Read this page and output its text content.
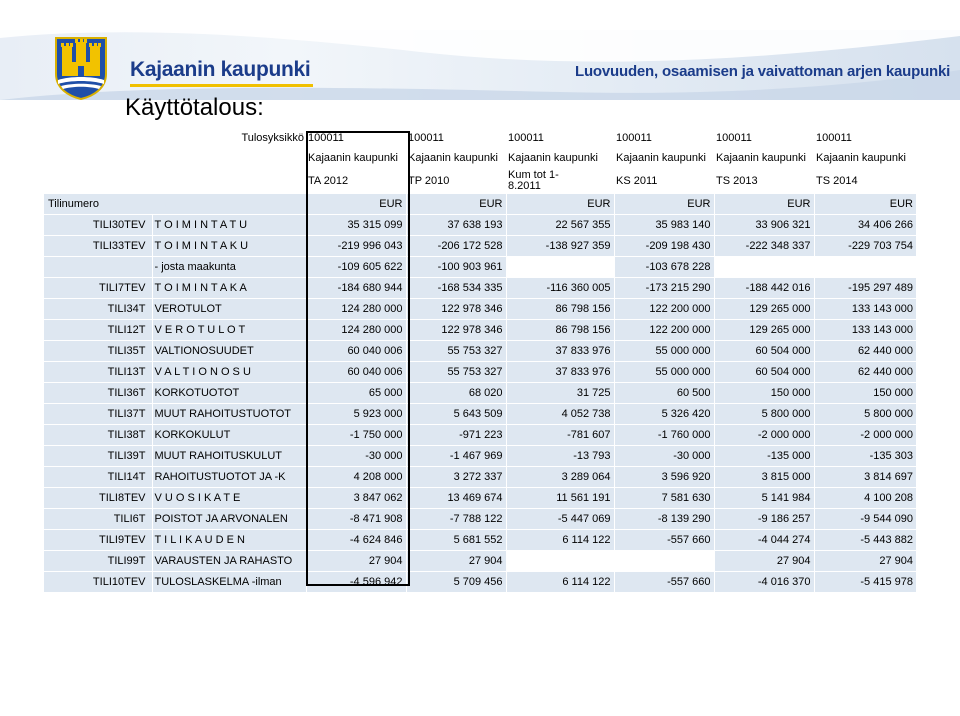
Kajaanin kaupunki	Luovuuden, osaamisen ja vaivattoman arjen kaupunki
Käyttötalous:
	Tulosyksikkö	100011	100011	100011	100011	100011	100011
		Kajaanin kaupunki	Kajaanin kaupunki	Kajaanin kaupunki	Kajaanin kaupunki	Kajaanin kaupunki	Kajaanin kaupunki
		TA 2012	TP 2010	Kum tot 1-
8.2011	KS 2011	TS 2013	TS 2014
Tilinumero		EUR	EUR	EUR	EUR	EUR	EUR
TILI30TEV	T O I M I N T A T U	35 315 099	37 638 193	22 567 355	35 983 140	33 906 321	34 406 266
TILI33TEV	T O I M I N T A K U	-219 996 043	-206 172 528	-138 927 359	-209 198 430	-222 348 337	-229 703 754
	- josta maakunta	-109 605 622	-100 903 961		-103 678 228		
TILI7TEV	T O I M I N T A K A	-184 680 944	-168 534 335	-116 360 005	-173 215 290	-188 442 016	-195 297 489
TILI34T	VEROTULOT	124 280 000	122 978 346	86 798 156	122 200 000	129 265 000	133 143 000
TILI12T	V E R O T U L O T	124 280 000	122 978 346	86 798 156	122 200 000	129 265 000	133 143 000
TILI35T	VALTIONOSUUDET	60 040 006	55 753 327	37 833 976	55 000 000	60 504 000	62 440 000
TILI13T	V A L T I O N O S U	60 040 006	55 753 327	37 833 976	55 000 000	60 504 000	62 440 000
TILI36T	KORKOTUOTOT	65 000	68 020	31 725	60 500	150 000	150 000
TILI37T	MUUT RAHOITUSTUOTOT	5 923 000	5 643 509	4 052 738	5 326 420	5 800 000	5 800 000
TILI38T	KORKOKULUT	-1 750 000	-971 223	-781 607	-1 760 000	-2 000 000	-2 000 000
TILI39T	MUUT RAHOITUSKULUT	-30 000	-1 467 969	-13 793	-30 000	-135 000	-135 303
TILI14T	RAHOITUSTUOTOT JA -K	4 208 000	3 272 337	3 289 064	3 596 920	3 815 000	3 814 697
TILI8TEV	V U O S I K A T E	3 847 062	13 469 674	11 561 191	7 581 630	5 141 984	4 100 208
TILI6T	POISTOT JA ARVONALEN	-8 471 908	-7 788 122	-5 447 069	-8 139 290	-9 186 257	-9 544 090
TILI9TEV	T I L I K A U D E N	-4 624 846	5 681 552	6 114 122	-557 660	-4 044 274	-5 443 882
TILI99T	VARAUSTEN JA RAHASTO	27 904	27 904			27 904	27 904
TILI10TEV	TULOSLASKELMA -ilman	-4 596 942	5 709 456	6 114 122	-557 660	-4 016 370	-5 415 978
